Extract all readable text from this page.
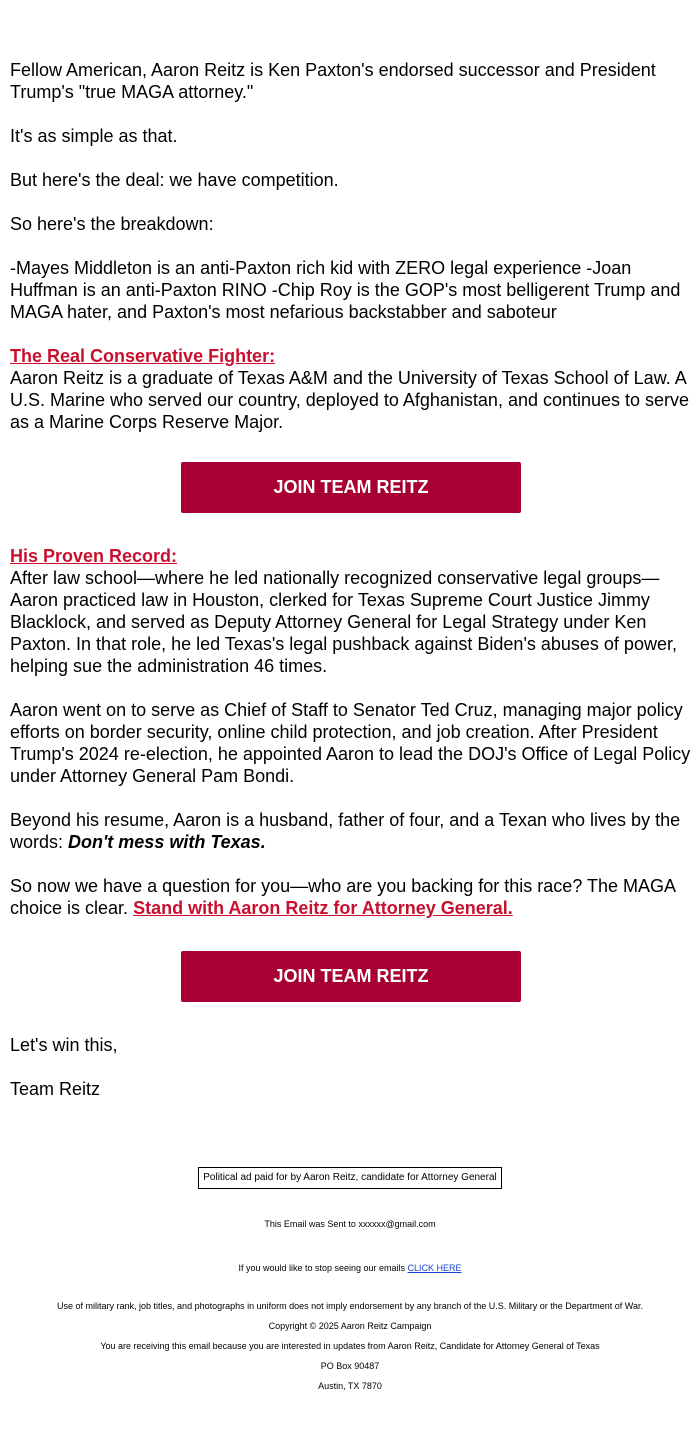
Fellow American, Aaron Reitz is Ken Paxton's endorsed successor and President Trump's "true MAGA attorney."

It's as simple as that.

But here's the deal: we have competition.

So here's the breakdown:

-Mayes Middleton is an anti-Paxton rich kid with ZERO legal experience -Joan Huffman is an anti-Paxton RINO -Chip Roy is the GOP's most belligerent Trump and MAGA hater, and Paxton's most nefarious backstabber and saboteur

The Real Conservative Fighter:
Aaron Reitz is a graduate of Texas A&M and the University of Texas School of Law. A U.S. Marine who served our country, deployed to Afghanistan, and continues to serve as a Marine Corps Reserve Major.

JOIN TEAM REITZ

His Proven Record:
After law school—where he led nationally recognized conservative legal groups—Aaron practiced law in Houston, clerked for Texas Supreme Court Justice Jimmy Blacklock, and served as Deputy Attorney General for Legal Strategy under Ken Paxton. In that role, he led Texas's legal pushback against Biden's abuses of power, helping sue the administration 46 times.

Aaron went on to serve as Chief of Staff to Senator Ted Cruz, managing major policy efforts on border security, online child protection, and job creation. After President Trump's 2024 re-election, he appointed Aaron to lead the DOJ's Office of Legal Policy under Attorney General Pam Bondi.

Beyond his resume, Aaron is a husband, father of four, and a Texan who lives by the words: Don't mess with Texas.

So now we have a question for you—who are you backing for this race? The MAGA choice is clear. Stand with Aaron Reitz for Attorney General.

JOIN TEAM REITZ

Let's win this,

Team Reitz

Political ad paid for by Aaron Reitz, candidate for Attorney General
This Email was Sent to xxxxxx@gmail.com
If you would like to stop seeing our emails CLICK HERE
Use of military rank, job titles, and photographs in uniform does not imply endorsement by any branch of the U.S. Military or the Department of War.
Copyright © 2025 Aaron Reitz Campaign
You are receiving this email because you are interested in updates from Aaron Reitz, Candidate for Attorney General of Texas
PO Box 90487
Austin, TX 7870
